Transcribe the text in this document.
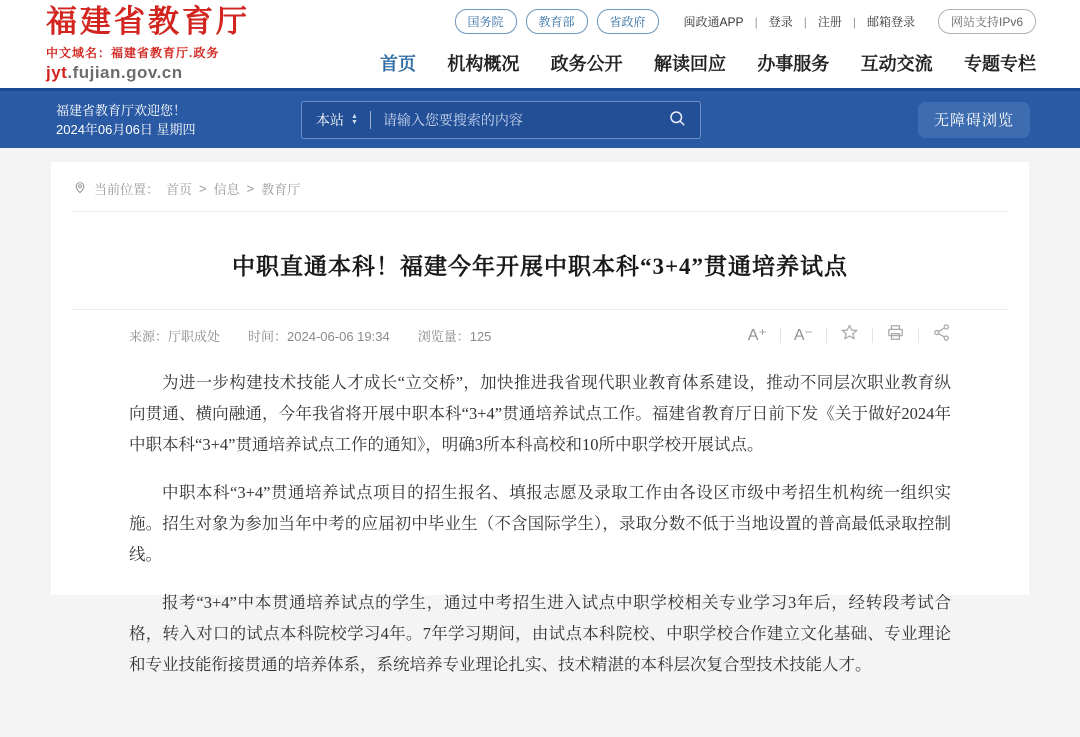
福建省教育厅
中文域名：福建省教育厅.政务
jyt.fujian.gov.cn
国务院	教育部	省政府	闽政通APP | 登录 | 注册 | 邮箱登录	网站支持IPv6
首页 机构概况 政务公开 解读回应 办事服务 互动交流 专题专栏
福建省教育厅欢迎您！
2024年06月06日 星期四
本站 ▲
▼
请输入您要搜索的内容	无障碍浏览
当前位置： 首页 > 信息 > 教育厅
中职直通本科！福建今年开展中职本科“3+4”贯通培养试点
来源：厅职成处 时间：2024-06-06 19:34 浏览量：125	A⁺ A⁻

为进一步构建技术技能人才成长“立交桥”，加快推进我省现代职业教育体系建设，推动不同层次职业教育纵向贯通、横向融通，今年我省将开展中职本科“3+4”贯通培养试点工作。福建省教育厅日前下发《关于做好2024年中职本科“3+4”贯通培养试点工作的通知》，明确3所本科高校和10所中职学校开展试点。

中职本科“3+4”贯通培养试点项目的招生报名、填报志愿及录取工作由各设区市级中考招生机构统一组织实施。招生对象为参加当年中考的应届初中毕业生（不含国际学生），录取分数不低于当地设置的普高最低录取控制线。

报考“3+4”中本贯通培养试点的学生，通过中考招生进入试点中职学校相关专业学习3年后，经转段考试合格，转入对口的试点本科院校学习4年。7年学习期间，由试点本科院校、中职学校合作建立文化基础、专业理论和专业技能衔接贯通的培养体系，系统培养专业理论扎实、技术精湛的本科层次复合型技术技能人才。
